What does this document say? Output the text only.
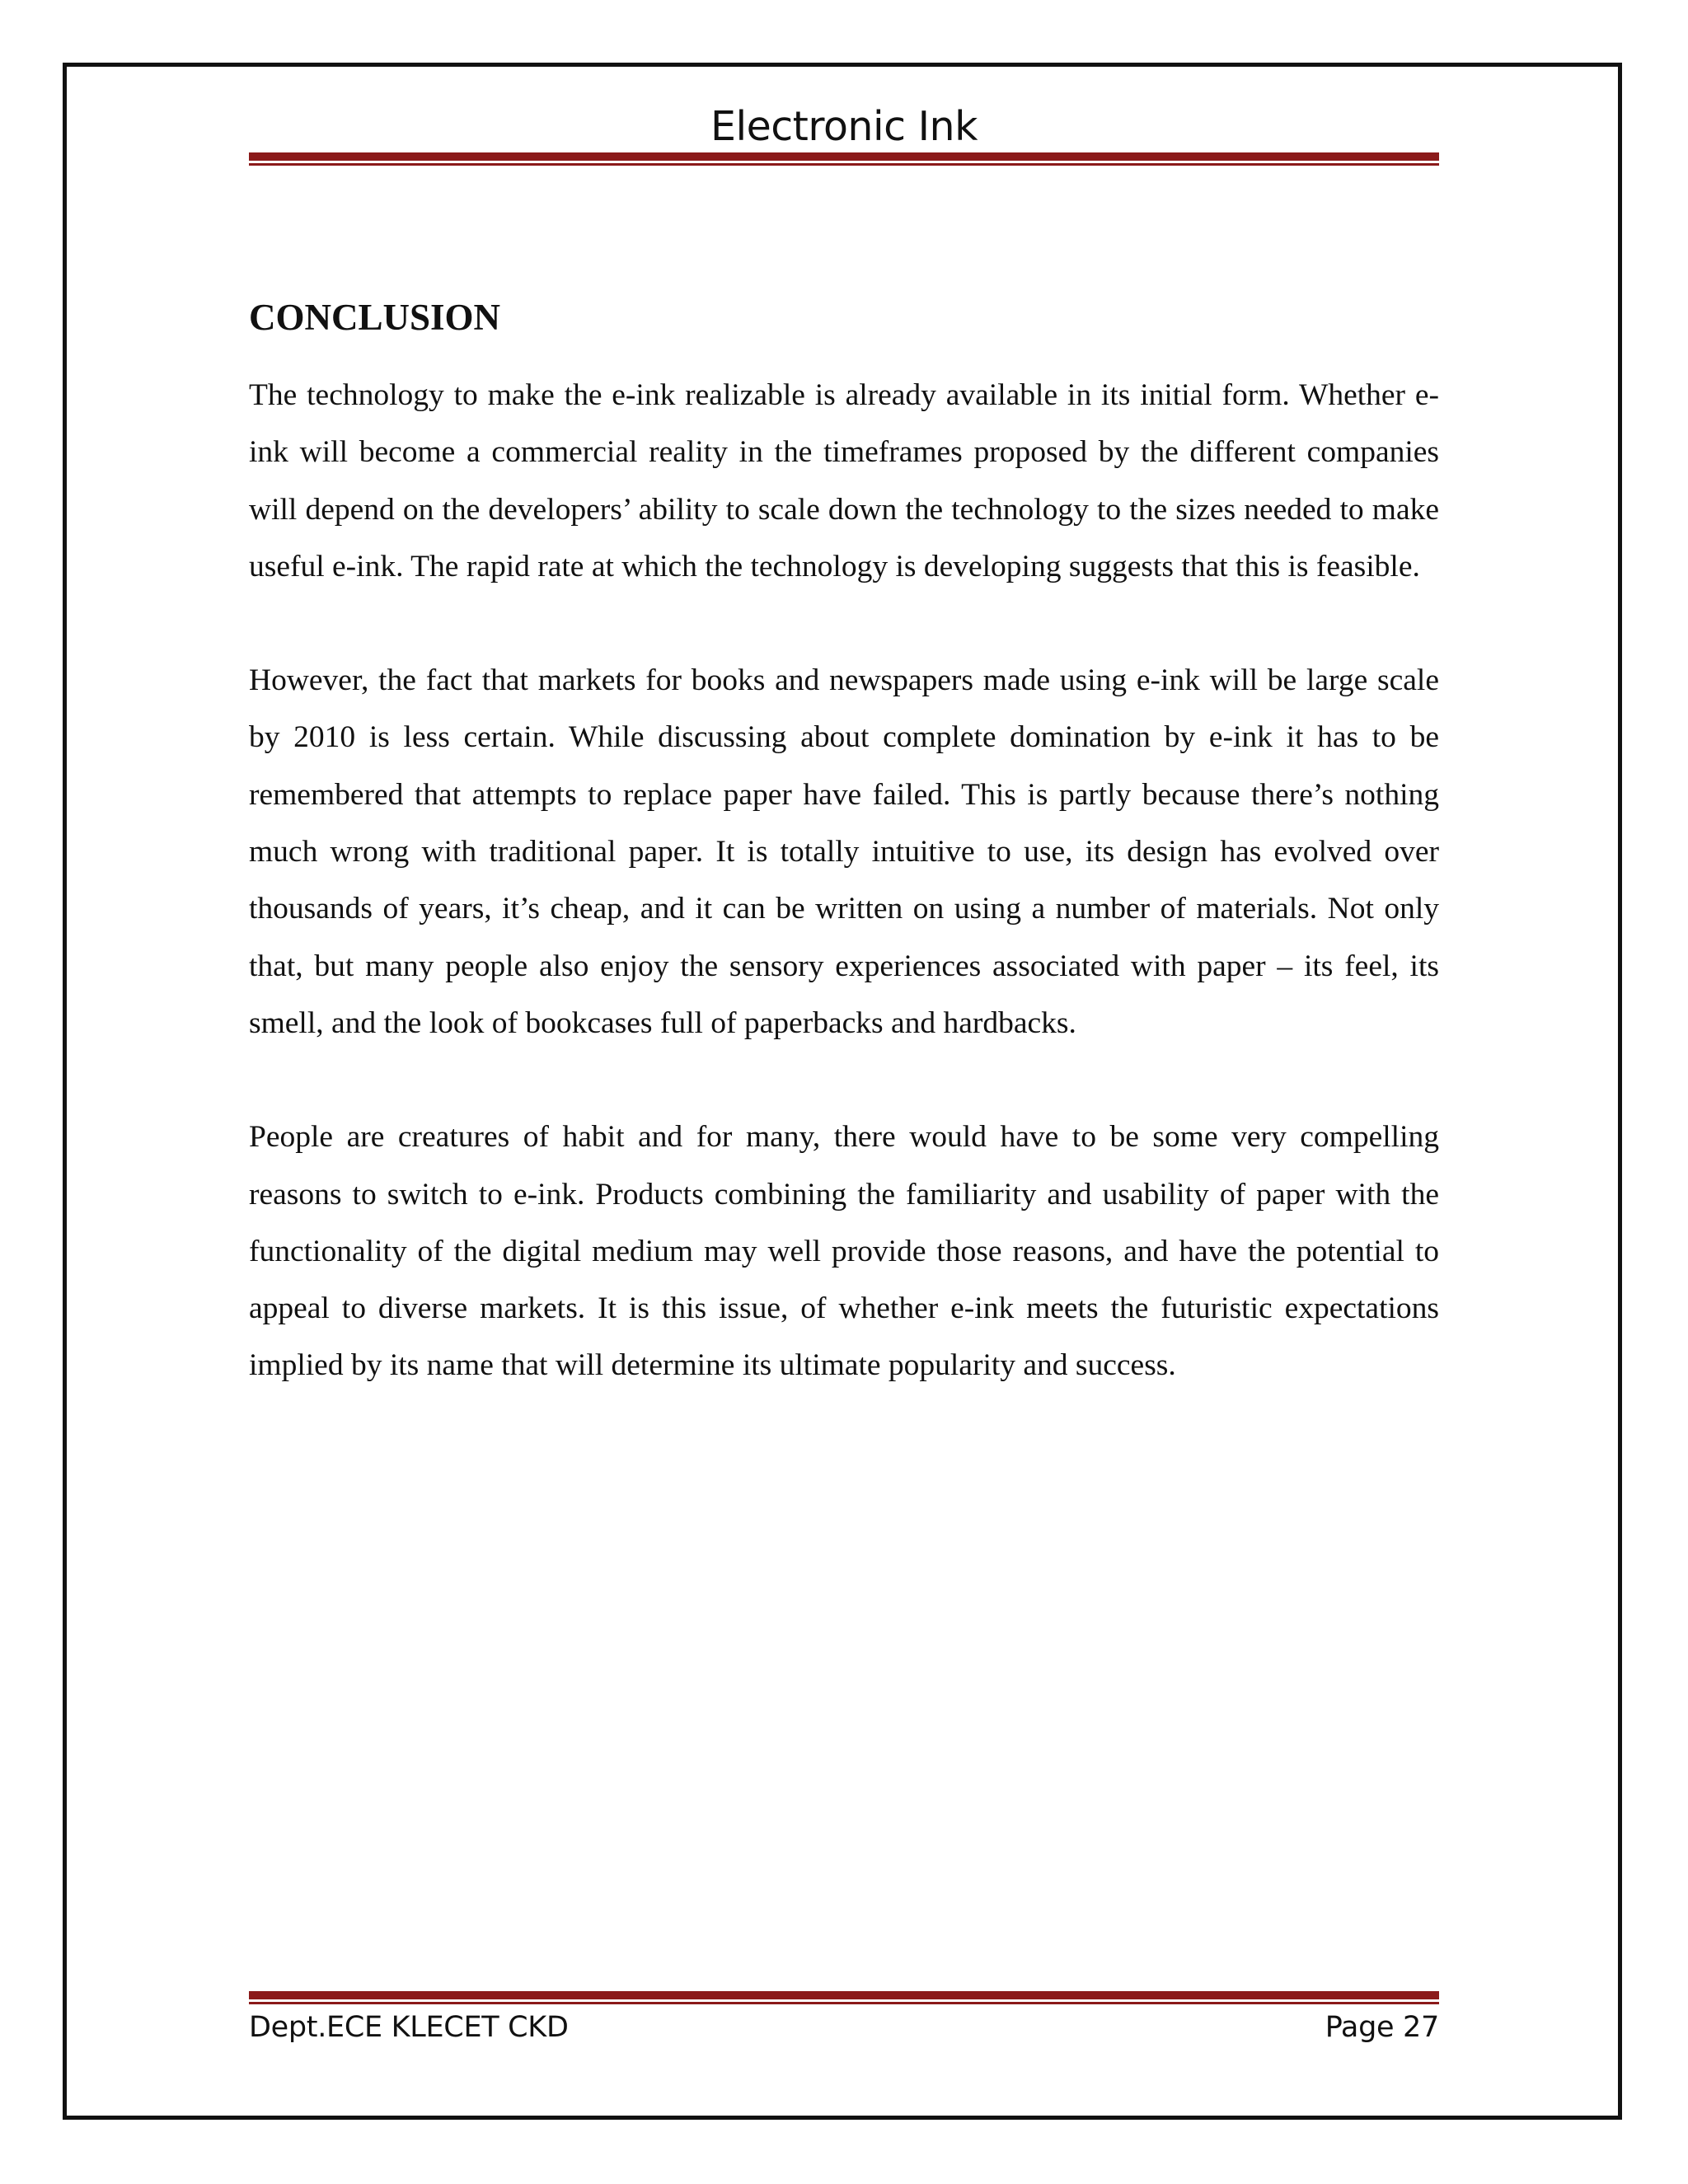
Electronic Ink
CONCLUSION

The technology to make the e-ink realizable is already available in its initial form. Whether e-ink will become a commercial reality in the timeframes proposed by the different companies will depend on the developers’ ability to scale down the technology to the sizes needed to make useful e-ink. The rapid rate at which the technology is developing suggests that this is feasible.

However, the fact that markets for books and newspapers made using e-ink will be large scale by 2010 is less certain. While discussing about complete domination by e-ink it has to be remembered that attempts to replace paper have failed. This is partly because there’s nothing much wrong with traditional paper. It is totally intuitive to use, its design has evolved over thousands of years, it’s cheap, and it can be written on using a number of materials. Not only that, but many people also enjoy the sensory experiences associated with paper – its feel, its smell, and the look of bookcases full of paperbacks and hardbacks.

People are creatures of habit and for many, there would have to be some very compelling reasons to switch to e-ink. Products combining the familiarity and usability of paper with the functionality of the digital medium may well provide those reasons, and have the potential to appeal to diverse markets. It is this issue, of whether e-ink meets the futuristic expectations implied by its name that will determine its ultimate popularity and success.

Dept.ECE KLECET CKD	Page 27
